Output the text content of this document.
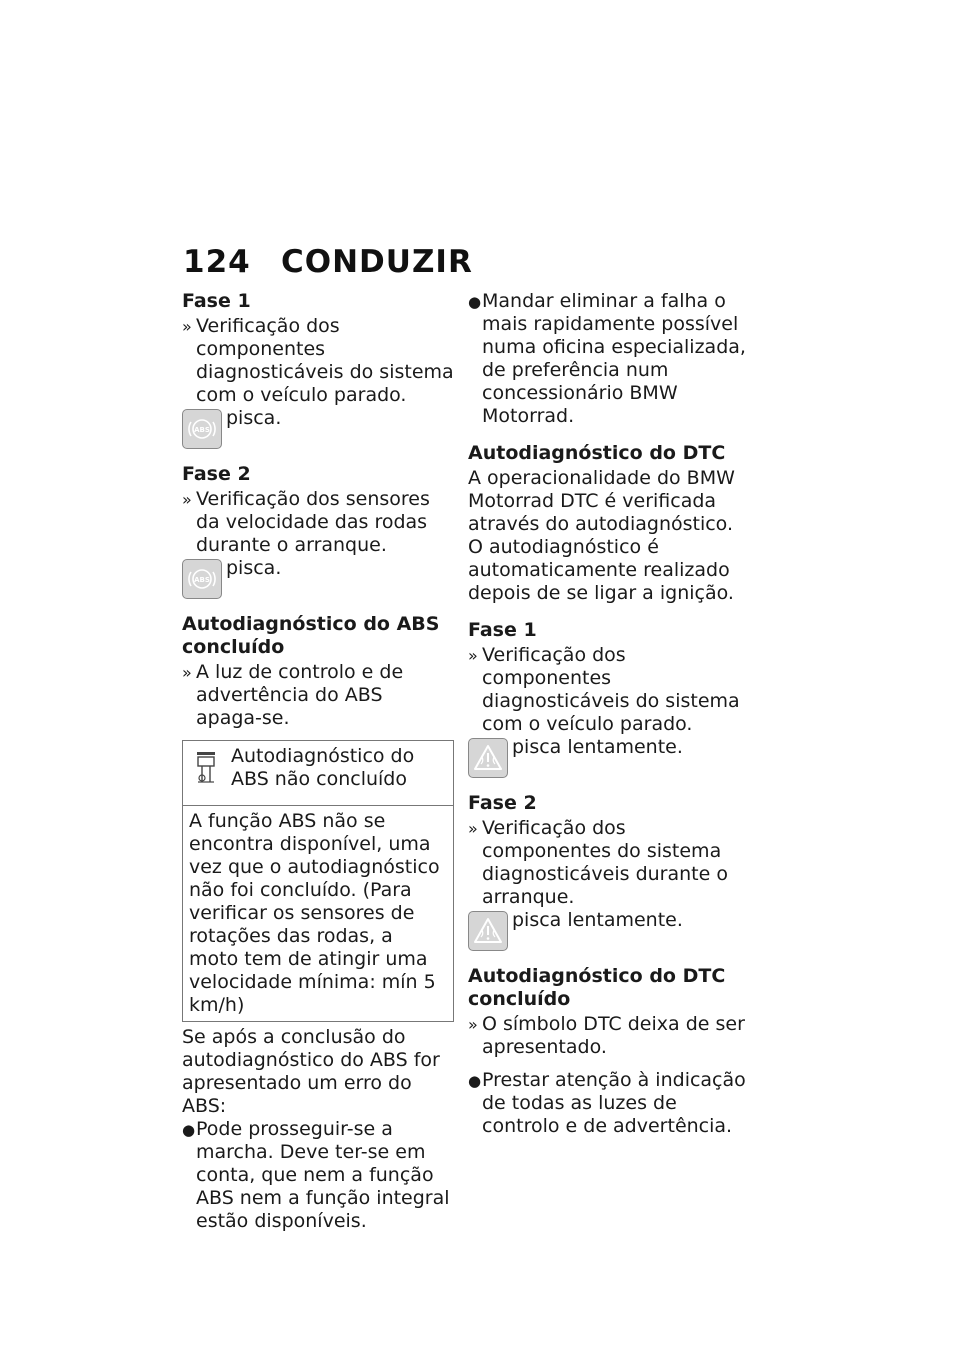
124 CONDUZIR
Fase 1
» Verificação dos componentes diagnosticáveis do sistema com o veículo parado.
ABS
pisca.
Fase 2
» Verificação dos sensores da velocidade das rodas durante o arranque.
ABS
pisca.
Autodiagnóstico do ABS concluído
» A luz de controlo e de advertência do ABS apaga-se.
Autodiagnóstico do ABS não concluído
A função ABS não se encontra disponível, uma vez que o autodiagnóstico não foi concluído. (Para verificar os sensores de rotações das rodas, a moto tem de atingir uma velocidade mínima: mín 5 km/h)

Se após a conclusão do autodiagnóstico do ABS for apresentado um erro do ABS:

● Pode prosseguir-se a marcha. Deve ter-se em conta, que nem a função ABS nem a função integral estão disponíveis.
● Mandar eliminar a falha o mais rapidamente possível numa oficina especializada, de preferência num concessionário BMW Motorrad.
Autodiagnóstico do DTC

A operacionalidade do BMW Motorrad DTC é verificada através do autodiagnóstico. O autodiagnóstico é automaticamente realizado depois de se ligar a ignição.

Fase 1
» Verificação dos componentes diagnosticáveis do sistema com o veículo parado.
pisca lentamente.
Fase 2
» Verificação dos componentes do sistema diagnosticáveis durante o arranque.
pisca lentamente.
Autodiagnóstico do DTC concluído
» O símbolo DTC deixa de ser apresentado.
● Prestar atenção à indicação de todas as luzes de controlo e de advertência.
